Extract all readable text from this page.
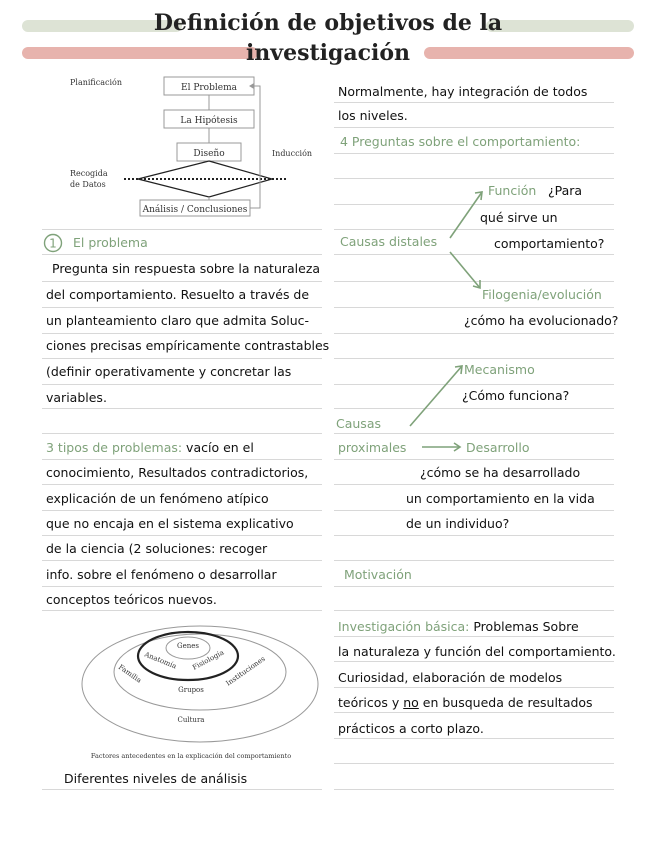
Definición de objetivos de la
investigación
Planificación
El Problema
La Hipótesis
Diseño
Recogida
de Datos
Inducción
Análisis / Conclusiones
1 El problema
Pregunta sin respuesta sobre la naturaleza
del comportamiento. Resuelto a través de
un planteamiento claro que admita Soluc-
ciones precisas empíricamente contrastables
(definir operativamente y concretar las
variables.
3 tipos de problemas: vacío en el
conocimiento, Resultados contradictorios,
explicación de un fenómeno atípico
que no encaja en el sistema explicativo
de la ciencia (2 soluciones: recoger
info. sobre el fenómeno o desarrollar
conceptos teóricos nuevos.
Genes
Anatomía Fisiología
Familia	Instituciones
Grupos
Cultura
Factores antecedentes en la explicación del comportamiento
Diferentes niveles de análisis
Normalmente, hay integración de todos
los niveles.
4 Preguntas sobre el comportamiento:
Función ¿Para
qué sirve un
comportamiento?
Causas distales
Filogenia/evolución
¿cómo ha evolucionado?
Mecanismo
¿Cómo funciona?
Causas
proximales	Desarrollo
¿cómo se ha desarrollado
un comportamiento en la vida
de un individuo?
Motivación
Investigación básica: Problemas Sobre
la naturaleza y función del comportamiento.
Curiosidad, elaboración de modelos
teóricos y no en busqueda de resultados
prácticos a corto plazo.
